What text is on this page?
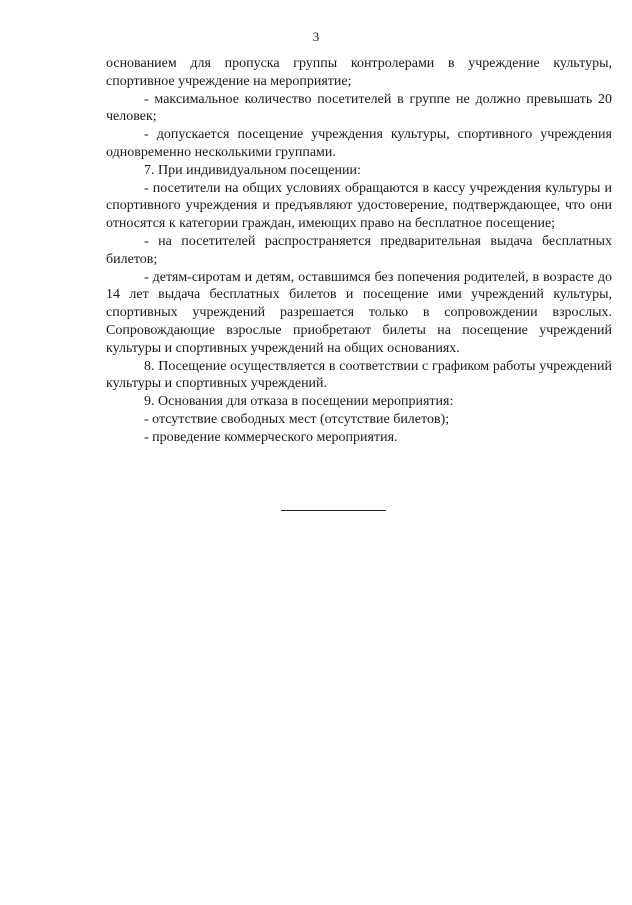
3

основанием для пропуска группы контролерами в учреждение культуры, спортивное учреждение на мероприятие;

- максимальное количество посетителей в группе не должно превышать 20 человек;

- допускается посещение учреждения культуры, спортивного учреждения одновременно несколькими группами.

7. При индивидуальном посещении:

- посетители на общих условиях обращаются в кассу учреждения культуры и спортивного учреждения и предъявляют удостоверение, подтверждающее, что они относятся к категории граждан, имеющих право на бесплатное посещение;

- на посетителей распространяется предварительная выдача бесплатных билетов;

- детям-сиротам и детям, оставшимся без попечения родителей, в возрасте до 14 лет выдача бесплатных билетов и посещение ими учреждений культуры, спортивных учреждений разрешается только в сопровождении взрослых. Сопровождающие взрослые приобретают билеты на посещение учреждений культуры и спортивных учреждений на общих основаниях.

8. Посещение осуществляется в соответствии с графиком работы учреждений культуры и спортивных учреждений.

9. Основания для отказа в посещении мероприятия:

- отсутствие свободных мест (отсутствие билетов);

- проведение коммерческого мероприятия.
